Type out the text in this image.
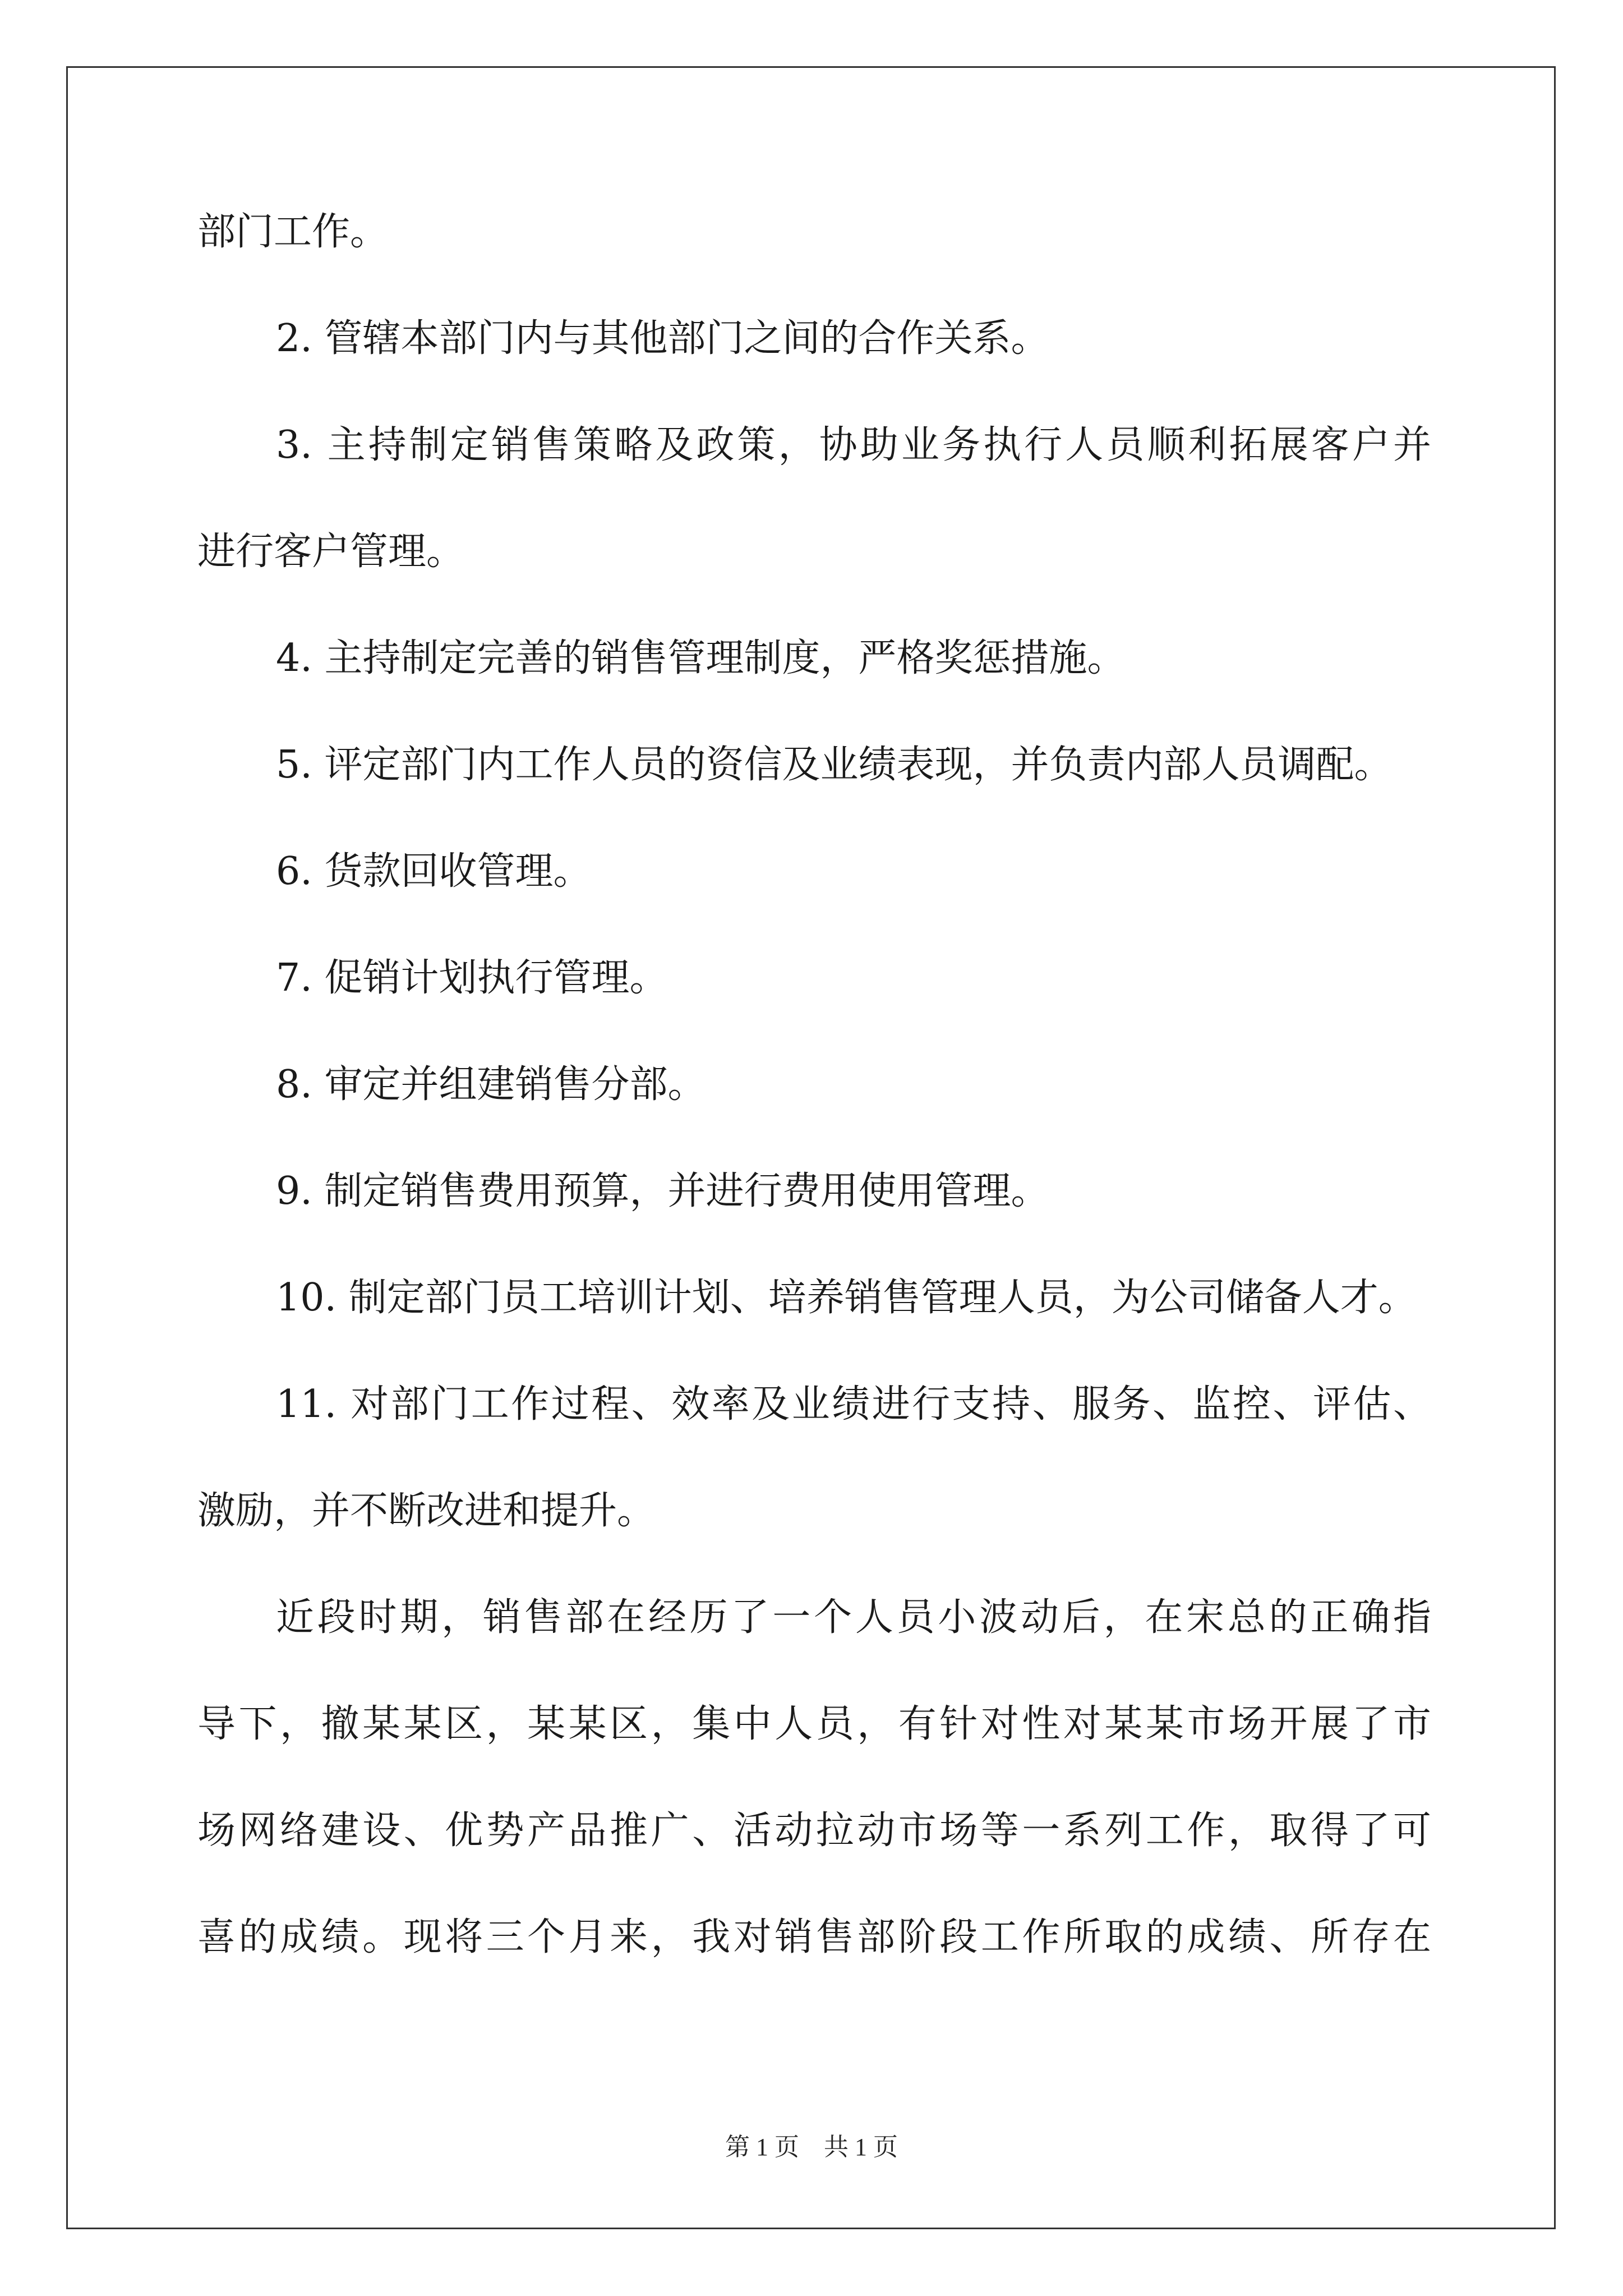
部门工作。
2. 管辖本部门内与其他部门之间的合作关系。
3. 主持制定销售策略及政策，协助业务执行人员顺利拓展客户并
进行客户管理。
4. 主持制定完善的销售管理制度，严格奖惩措施。
5. 评定部门内工作人员的资信及业绩表现，并负责内部人员调配。
6. 货款回收管理。
7. 促销计划执行管理。
8. 审定并组建销售分部。
9. 制定销售费用预算，并进行费用使用管理。
10. 制定部门员工培训计划、培养销售管理人员，为公司储备人才。
11. 对部门工作过程、效率及业绩进行支持、服务、监控、评估、
激励，并不断改进和提升。
近段时期，销售部在经历了一个人员小波动后，在宋总的正确指
导下，撤某某区，某某区，集中人员，有针对性对某某市场开展了市
场网络建设、优势产品推广、活动拉动市场等一系列工作，取得了可
喜的成绩。现将三个月来，我对销售部阶段工作所取的成绩、所存在
第 1 页　共 1 页
